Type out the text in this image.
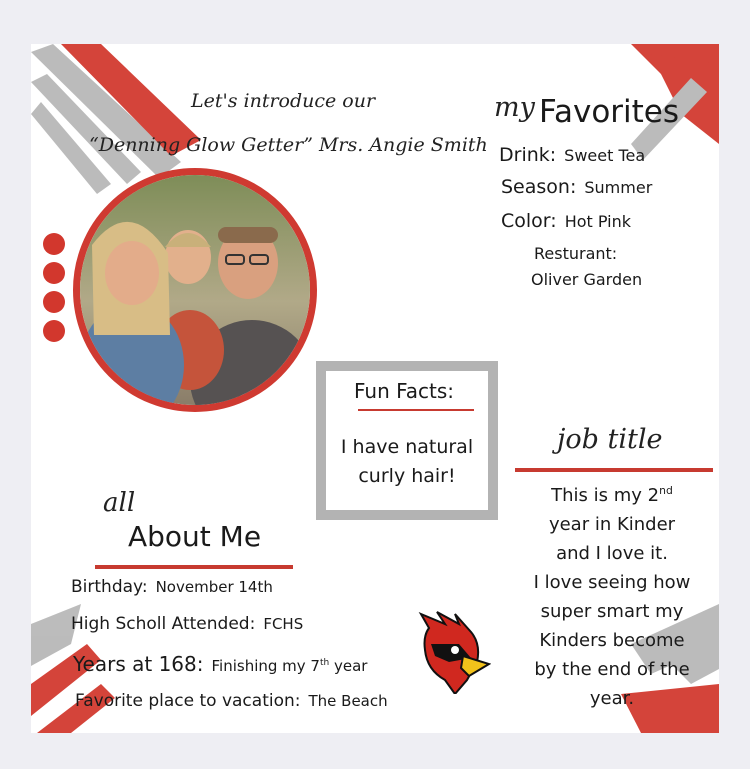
Let's introduce our
“Denning Glow Getter” Mrs. Angie Smith
my Favorites
Drink: Sweet Tea
Season: Summer
Color: Hot Pink
Resturant:
Oliver Garden
Fun Facts:
I have natural
curly hair!
job title
This is my 2nd
year in Kinder
and I love it.
I love seeing how
super smart my
Kinders become
by the end of the
year.
all
About Me
Birthday: November 14th
High Scholl Attended: FCHS
Years at 168: Finishing my 7th year
Favorite place to vacation: The Beach
